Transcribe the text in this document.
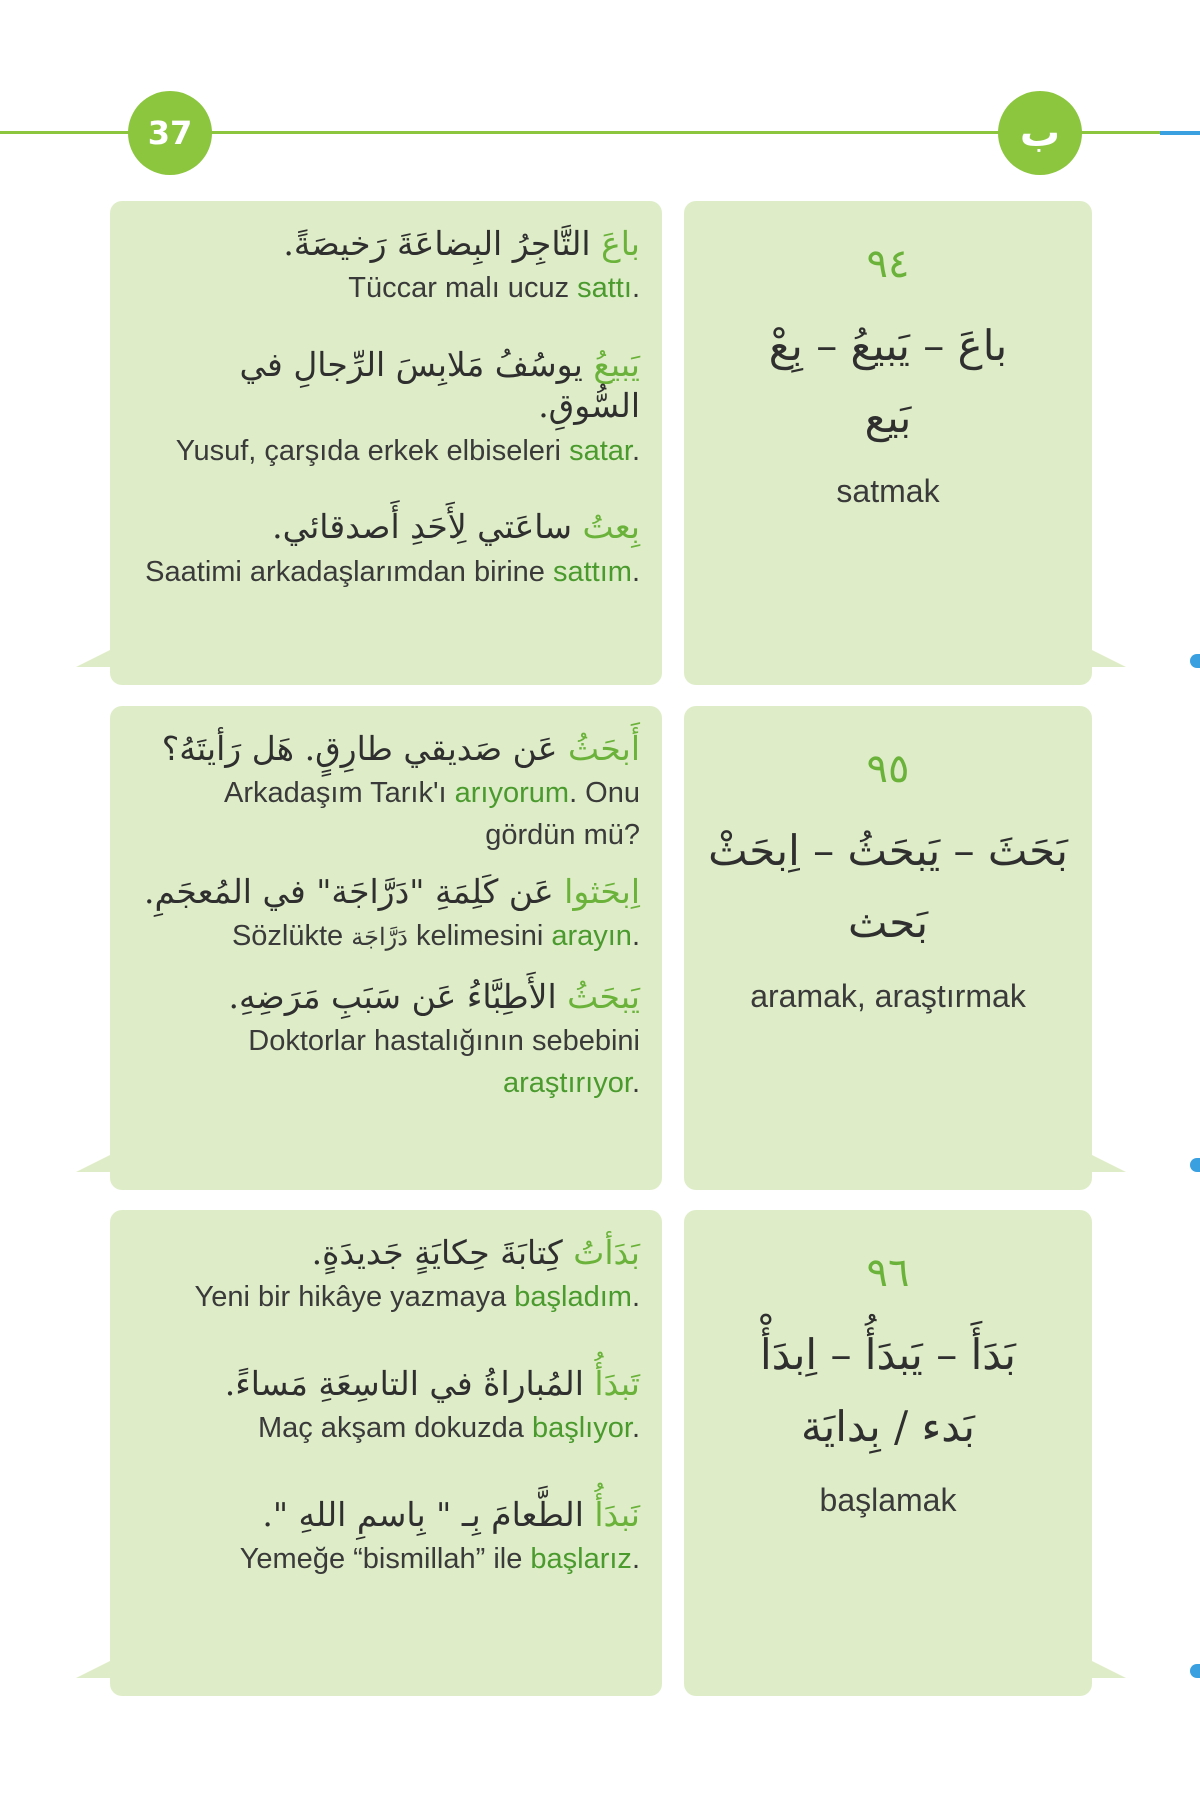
37	ب
باعَ التَّاجِرُ البِضاعَةَ رَخيصَةً.
Tüccar malı ucuz sattı.
يَبيعُ يوسُفُ مَلابِسَ الرِّجالِ في السُّوقِ.
Yusuf, çarşıda erkek elbiseleri satar.
بِعتُ ساعَتي لِأَحَدِ أَصدقائي.
Saatimi arkadaşlarımdan birine sattım.
٩٤
باعَ – يَبيعُ – بِعْ
بَيع
satmak
أَبحَثُ عَن صَديقي طارِقٍ. هَل رَأيتَهُ؟
Arkadaşım Tarık'ı arıyorum. Onu gördün mü?
اِبحَثوا عَن كَلِمَةِ "دَرَّاجَة" في المُعجَمِ.
Sözlükte دَرَّاجَة kelimesini arayın.
يَبحَثُ الأَطِبَّاءُ عَن سَبَبِ مَرَضِهِ.
Doktorlar hastalığının sebebini araştırıyor.
٩٥
بَحَثَ – يَبحَثُ – اِبحَثْ
بَحث
aramak, araştırmak
بَدَأتُ كِتابَةَ حِكايَةٍ جَديدَةٍ.
Yeni bir hikâye yazmaya başladım.
تَبدَأُ المُباراةُ في التاسِعَةِ مَساءً.
Maç akşam dokuzda başlıyor.
نَبدَأُ الطَّعامَ بِـ " بِاسمِ اللهِ ".
Yemeğe “bismillah” ile başlarız.
٩٦
بَدَأَ – يَبدَأُ – اِبدَأْ
بَدء / بِدايَة
başlamak
